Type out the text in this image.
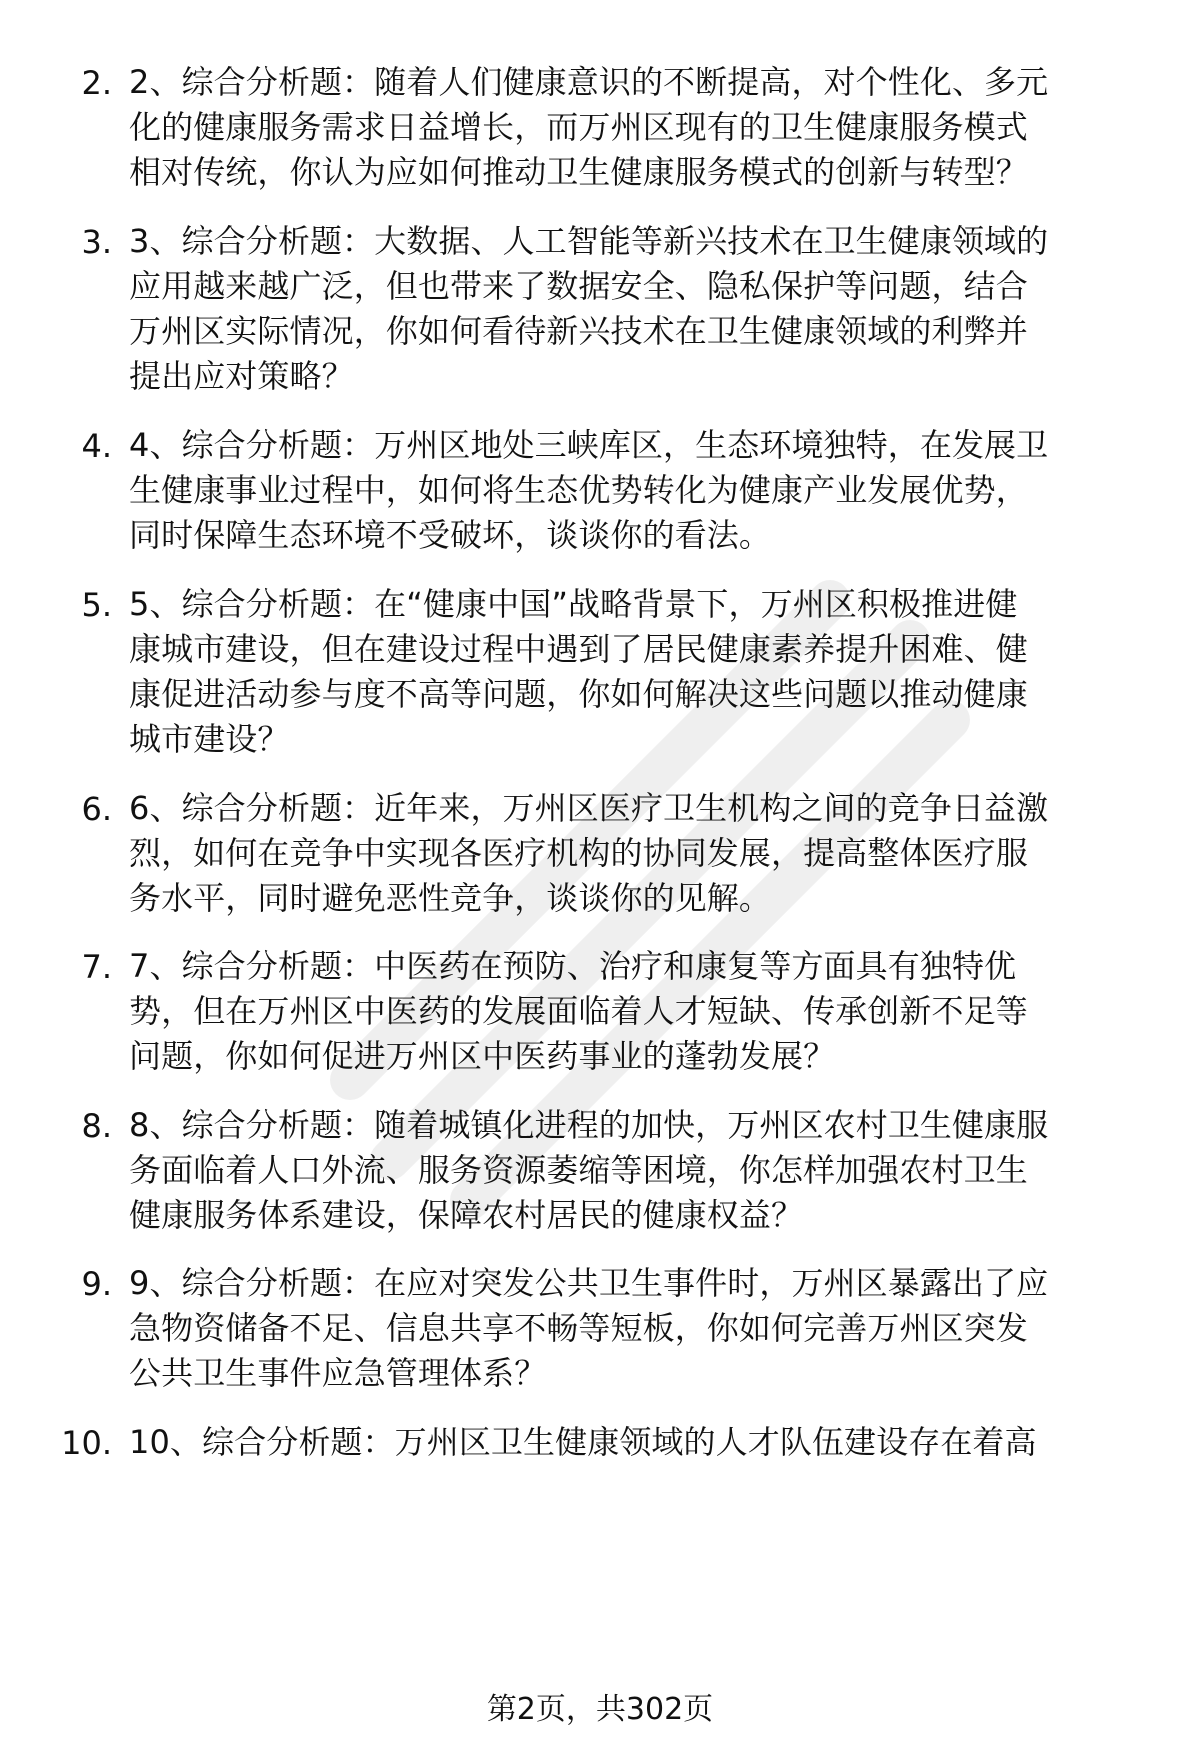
2. 2、综合分析题：随着人们健康意识的不断提高，对个性化、多元
化的健康服务需求日益增长，而万州区现有的卫生健康服务模式
相对传统，你认为应如何推动卫生健康服务模式的创新与转型？
3. 3、综合分析题：大数据、人工智能等新兴技术在卫生健康领域的
应用越来越广泛，但也带来了数据安全、隐私保护等问题，结合
万州区实际情况，你如何看待新兴技术在卫生健康领域的利弊并
提出应对策略？
4. 4、综合分析题：万州区地处三峡库区，生态环境独特，在发展卫
生健康事业过程中，如何将生态优势转化为健康产业发展优势，
同时保障生态环境不受破坏，谈谈你的看法。
5. 5、综合分析题：在“健康中国”战略背景下，万州区积极推进健
康城市建设，但在建设过程中遇到了居民健康素养提升困难、健
康促进活动参与度不高等问题，你如何解决这些问题以推动健康
城市建设？
6. 6、综合分析题：近年来，万州区医疗卫生机构之间的竞争日益激
烈，如何在竞争中实现各医疗机构的协同发展，提高整体医疗服
务水平，同时避免恶性竞争，谈谈你的见解。
7. 7、综合分析题：中医药在预防、治疗和康复等方面具有独特优
势，但在万州区中医药的发展面临着人才短缺、传承创新不足等
问题，你如何促进万州区中医药事业的蓬勃发展？
8. 8、综合分析题：随着城镇化进程的加快，万州区农村卫生健康服
务面临着人口外流、服务资源萎缩等困境，你怎样加强农村卫生
健康服务体系建设，保障农村居民的健康权益？
9. 9、综合分析题：在应对突发公共卫生事件时，万州区暴露出了应
急物资储备不足、信息共享不畅等短板，你如何完善万州区突发
公共卫生事件应急管理体系？
10. 10、综合分析题：万州区卫生健康领域的人才队伍建设存在着高
第2页，共302页
